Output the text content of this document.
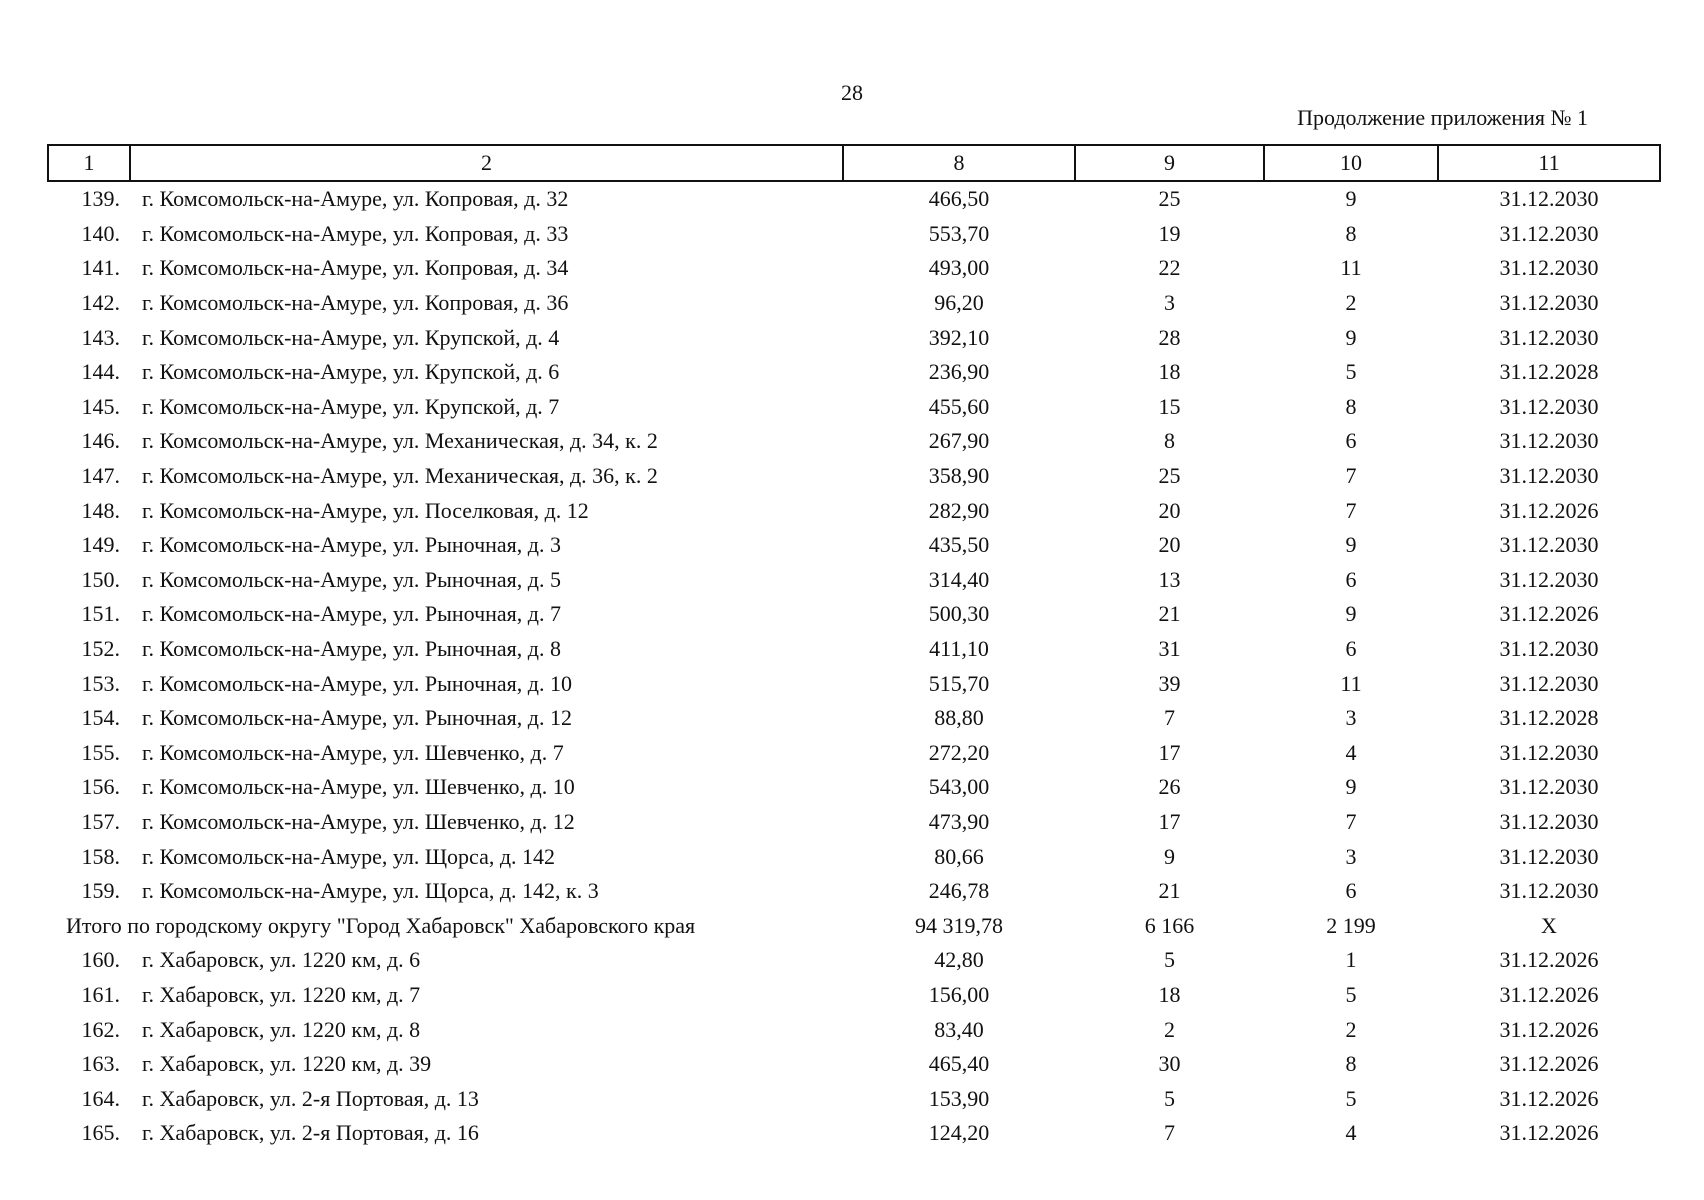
28
Продолжение приложения № 1
1	2	8	9	10	11
139.	г. Комсомольск-на-Амуре, ул. Копровая, д. 32	466,50	25	9	31.12.2030
140.	г. Комсомольск-на-Амуре, ул. Копровая, д. 33	553,70	19	8	31.12.2030
141.	г. Комсомольск-на-Амуре, ул. Копровая, д. 34	493,00	22	11	31.12.2030
142.	г. Комсомольск-на-Амуре, ул. Копровая, д. 36	96,20	3	2	31.12.2030
143.	г. Комсомольск-на-Амуре, ул. Крупской, д. 4	392,10	28	9	31.12.2030
144.	г. Комсомольск-на-Амуре, ул. Крупской, д. 6	236,90	18	5	31.12.2028
145.	г. Комсомольск-на-Амуре, ул. Крупской, д. 7	455,60	15	8	31.12.2030
146.	г. Комсомольск-на-Амуре, ул. Механическая, д. 34, к. 2	267,90	8	6	31.12.2030
147.	г. Комсомольск-на-Амуре, ул. Механическая, д. 36, к. 2	358,90	25	7	31.12.2030
148.	г. Комсомольск-на-Амуре, ул. Поселковая, д. 12	282,90	20	7	31.12.2026
149.	г. Комсомольск-на-Амуре, ул. Рыночная, д. 3	435,50	20	9	31.12.2030
150.	г. Комсомольск-на-Амуре, ул. Рыночная, д. 5	314,40	13	6	31.12.2030
151.	г. Комсомольск-на-Амуре, ул. Рыночная, д. 7	500,30	21	9	31.12.2026
152.	г. Комсомольск-на-Амуре, ул. Рыночная, д. 8	411,10	31	6	31.12.2030
153.	г. Комсомольск-на-Амуре, ул. Рыночная, д. 10	515,70	39	11	31.12.2030
154.	г. Комсомольск-на-Амуре, ул. Рыночная, д. 12	88,80	7	3	31.12.2028
155.	г. Комсомольск-на-Амуре, ул. Шевченко, д. 7	272,20	17	4	31.12.2030
156.	г. Комсомольск-на-Амуре, ул. Шевченко, д. 10	543,00	26	9	31.12.2030
157.	г. Комсомольск-на-Амуре, ул. Шевченко, д. 12	473,90	17	7	31.12.2030
158.	г. Комсомольск-на-Амуре, ул. Щорса, д. 142	80,66	9	3	31.12.2030
159.	г. Комсомольск-на-Амуре, ул. Щорса, д. 142, к. 3	246,78	21	6	31.12.2030
Итого по городскому округу "Город Хабаровск" Хабаровского края		94 319,78	6 166	2 199	Х
160.	г. Хабаровск, ул. 1220 км, д. 6	42,80	5	1	31.12.2026
161.	г. Хабаровск, ул. 1220 км, д. 7	156,00	18	5	31.12.2026
162.	г. Хабаровск, ул. 1220 км, д. 8	83,40	2	2	31.12.2026
163.	г. Хабаровск, ул. 1220 км, д. 39	465,40	30	8	31.12.2026
164.	г. Хабаровск, ул. 2-я Портовая, д. 13	153,90	5	5	31.12.2026
165.	г. Хабаровск, ул. 2-я Портовая, д. 16	124,20	7	4	31.12.2026
